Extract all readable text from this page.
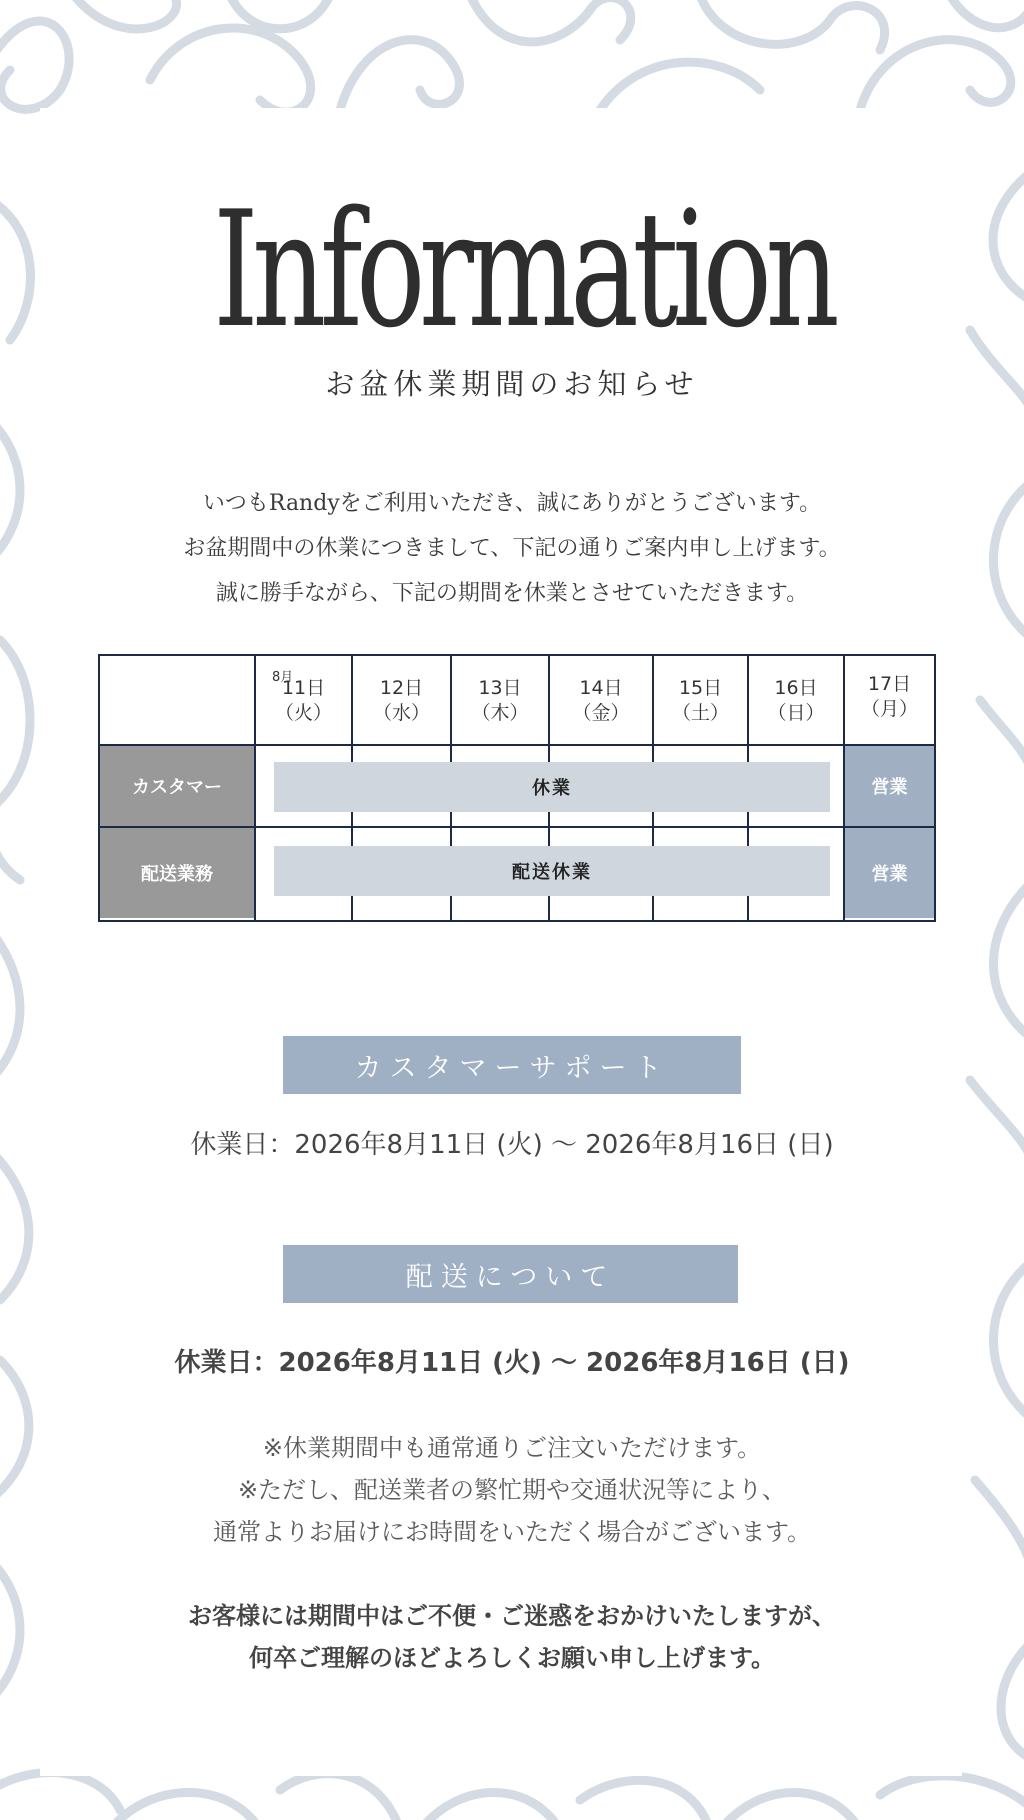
Information
お盆休業期間のお知らせ
いつもRandyをご利用いただき、誠にありがとうございます。
お盆期間中の休業につきまして、下記の通りご案内申し上げます。
誠に勝手ながら、下記の期間を休業とさせていただきます。
カスタマー
配送業務
営業
営業
休業
配送休業
8月
11日
（火）
12日
（水）
13日
（木）
14日
（金）
15日
（土）
16日
（日）
17日
（月）
カスタマーサポート
休業日：2026年8月11日 (火) ～ 2026年8月16日 (日)
配送について
休業日：2026年8月11日 (火) ～ 2026年8月16日 (日)
※休業期間中も通常通りご注文いただけます。
※ただし、配送業者の繁忙期や交通状況等により、
通常よりお届けにお時間をいただく場合がございます。
お客様には期間中はご不便・ご迷惑をおかけいたしますが、
何卒ご理解のほどよろしくお願い申し上げます。
